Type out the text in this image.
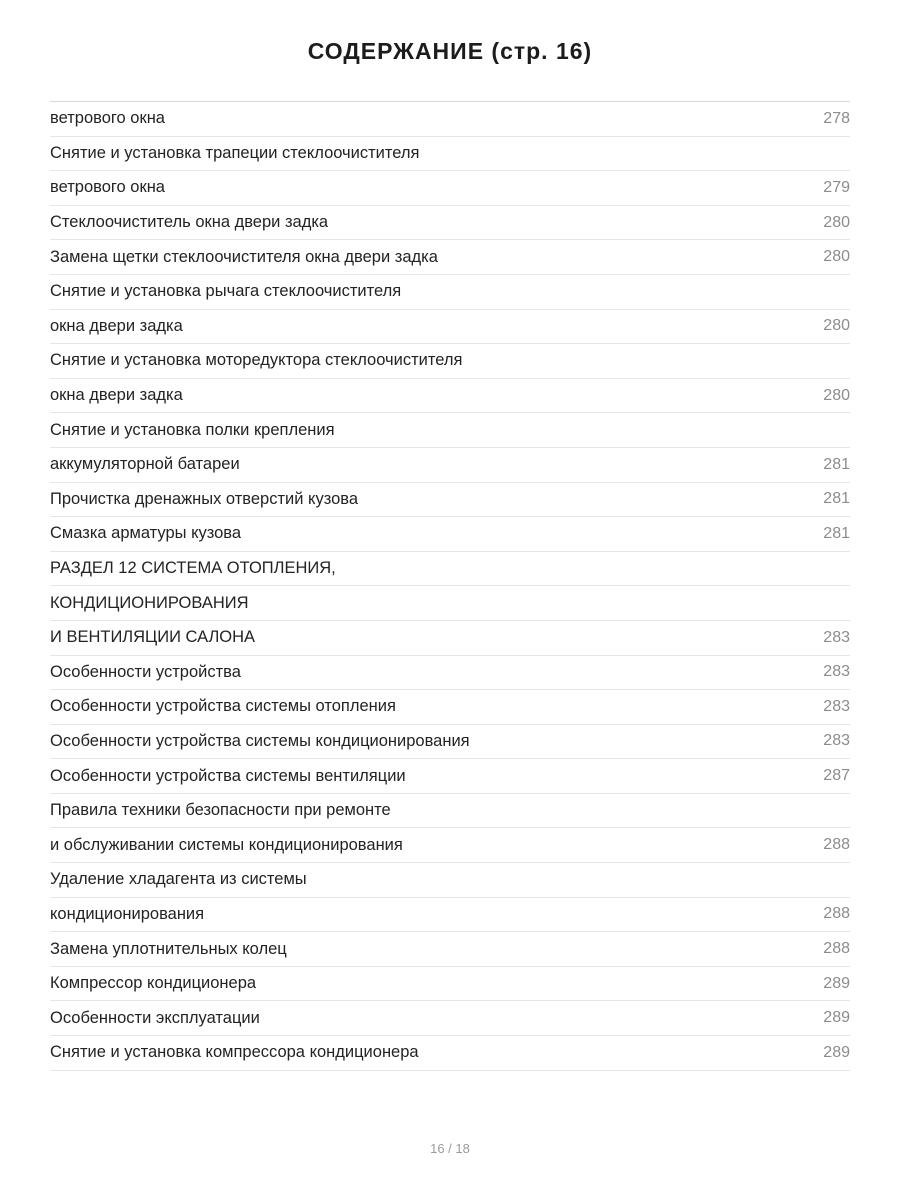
СОДЕРЖАНИЕ (стр. 16)
ветрового окна	278
Снятие и установка трапеции стеклоочистителя
ветрового окна	279
Стеклоочиститель окна двери задка	280
Замена щетки стеклоочистителя окна двери задка	280
Снятие и установка рычага стеклоочистителя
окна двери задка	280
Снятие и установка моторедуктора стеклоочистителя
окна двери задка	280
Снятие и установка полки крепления
аккумуляторной батареи	281
Прочистка дренажных отверстий кузова	281
Смазка арматуры кузова	281
РАЗДЕЛ 12 СИСТЕМА ОТОПЛЕНИЯ,
КОНДИЦИОНИРОВАНИЯ
И ВЕНТИЛЯЦИИ САЛОНА	283
Особенности устройства	283
Особенности устройства системы отопления	283
Особенности устройства системы кондиционирования	283
Особенности устройства системы вентиляции	287
Правила техники безопасности при ремонте
и обслуживании системы кондиционирования	288
Удаление хладагента из системы
кондиционирования	288
Замена уплотнительных колец	288
Компрессор кондиционера	289
Особенности эксплуатации	289
Снятие и установка компрессора кондиционера	289
16 / 18
